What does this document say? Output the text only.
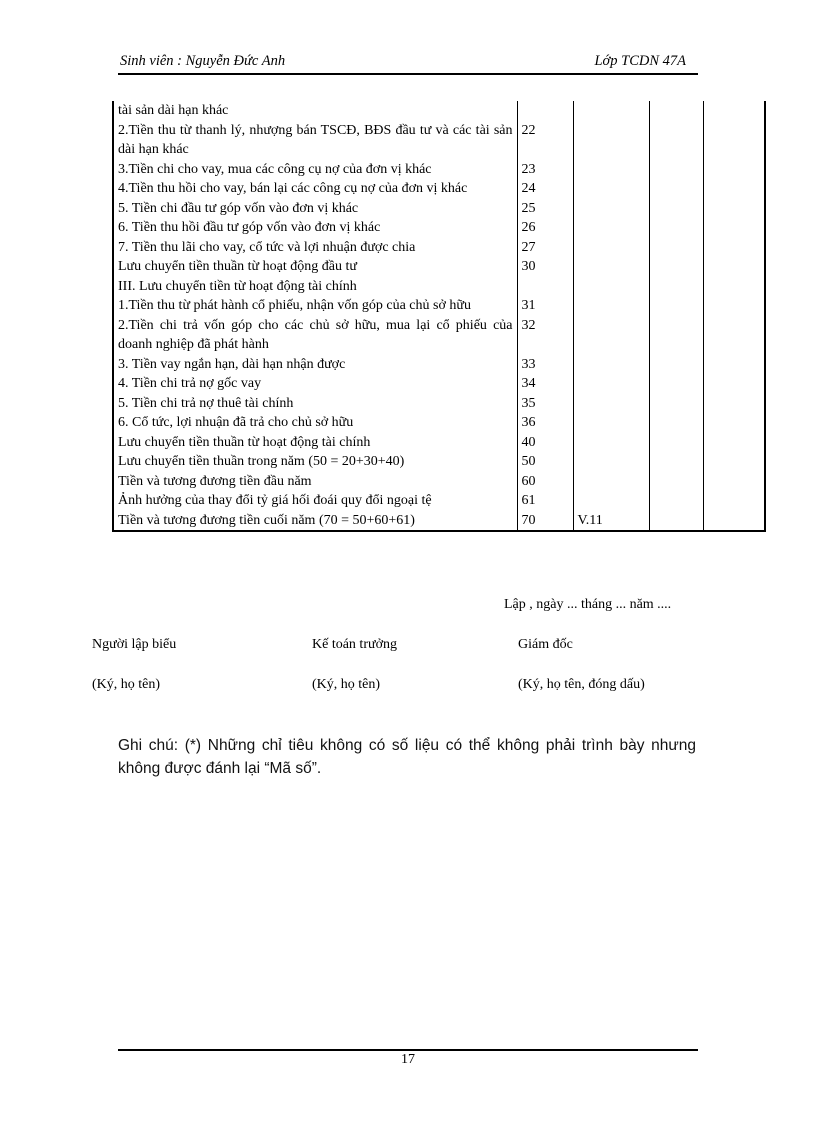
Sinh viên : Nguyễn Đức Anh	Lớp TCDN 47A
tài sản dài hạn khác				
2.Tiền thu từ thanh lý, nhượng bán TSCĐ, BĐS đầu tư và các tài sản dài hạn khác	22			
3.Tiền chi cho vay, mua các công cụ nợ của đơn vị khác	23			
4.Tiền thu hồi cho vay, bán lại các công cụ nợ của đơn vị khác	24			
5. Tiền chi đầu tư góp vốn vào đơn vị khác	25			
6. Tiền thu hồi đầu tư góp vốn vào đơn vị khác	26			
7. Tiền thu lãi cho vay, cổ tức và lợi nhuận được chia	27			
Lưu chuyển tiền thuần từ hoạt động đầu tư	30			
III. Lưu chuyển tiền từ hoạt động tài chính				
1.Tiền thu từ phát hành cổ phiếu, nhận vốn góp của chủ sở hữu	31			
2.Tiền chi trả vốn góp cho các chủ sở hữu, mua lại cổ phiếu của doanh nghiệp đã phát hành	32			
3. Tiền vay ngắn hạn, dài hạn nhận được	33			
4. Tiền chi trả nợ gốc vay	34			
5. Tiền chi trả nợ thuê tài chính	35			
6. Cổ tức, lợi nhuận đã trả cho chủ sở hữu	36			
Lưu chuyển tiền thuần từ hoạt động tài chính	40			
Lưu chuyển tiền thuần trong năm (50 = 20+30+40)	50			
Tiền và tương đương tiền đầu năm	60			
Ảnh hưởng của thay đổi tỷ giá hối đoái quy đổi ngoại tệ	61			
Tiền và tương đương tiền cuối năm (70 = 50+60+61)	70	V.11		
Lập , ngày ... tháng ... năm ....
Người lập biểu	Kế toán trưởng	Giám đốc
(Ký, họ tên)	(Ký, họ tên)	(Ký, họ tên, đóng dấu)
Ghi chú: (*) Những chỉ tiêu không có số liệu có thể không phải trình bày nhưng không được đánh lại “Mã số”.
17
